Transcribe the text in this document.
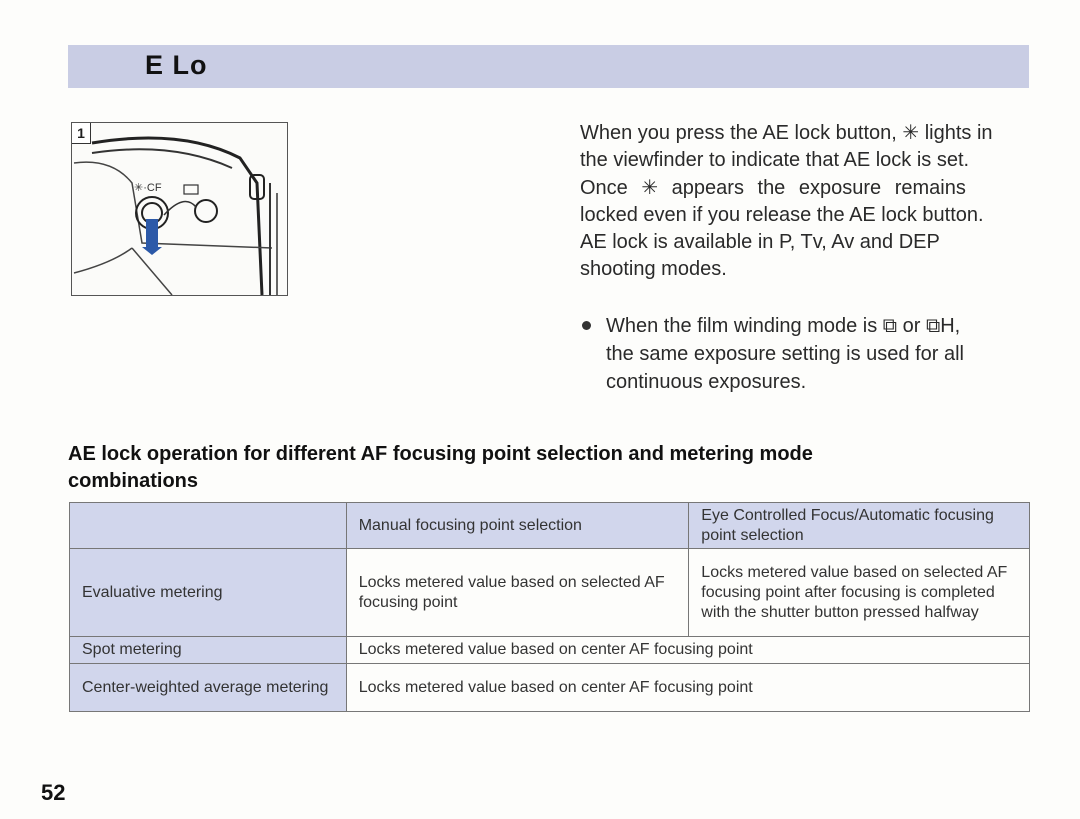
E Lo
✳·CF
1	When you press the AE lock button, ✳ lights in
the viewfinder to indicate that AE lock is set.
Once ✳ appears the exposure remains
locked even if you release the AE lock button.
AE lock is available in P, Tv, Av and DEP
shooting modes.
When the film winding mode is ⧉ or ⧉H,
the same exposure setting is used for all
continuous exposures.
AE lock operation for different AF focusing point selection and metering mode
combinations
	Manual focusing point selection	Eye Controlled Focus/Automatic focusing point selection
Evaluative metering	Locks metered value based on selected AF focusing point	Locks metered value based on selected AF focusing point after focusing is completed with the shutter button pressed halfway
Spot metering	Locks metered value based on center AF focusing point	
Center-weighted average metering	Locks metered value based on center AF focusing point	
52
